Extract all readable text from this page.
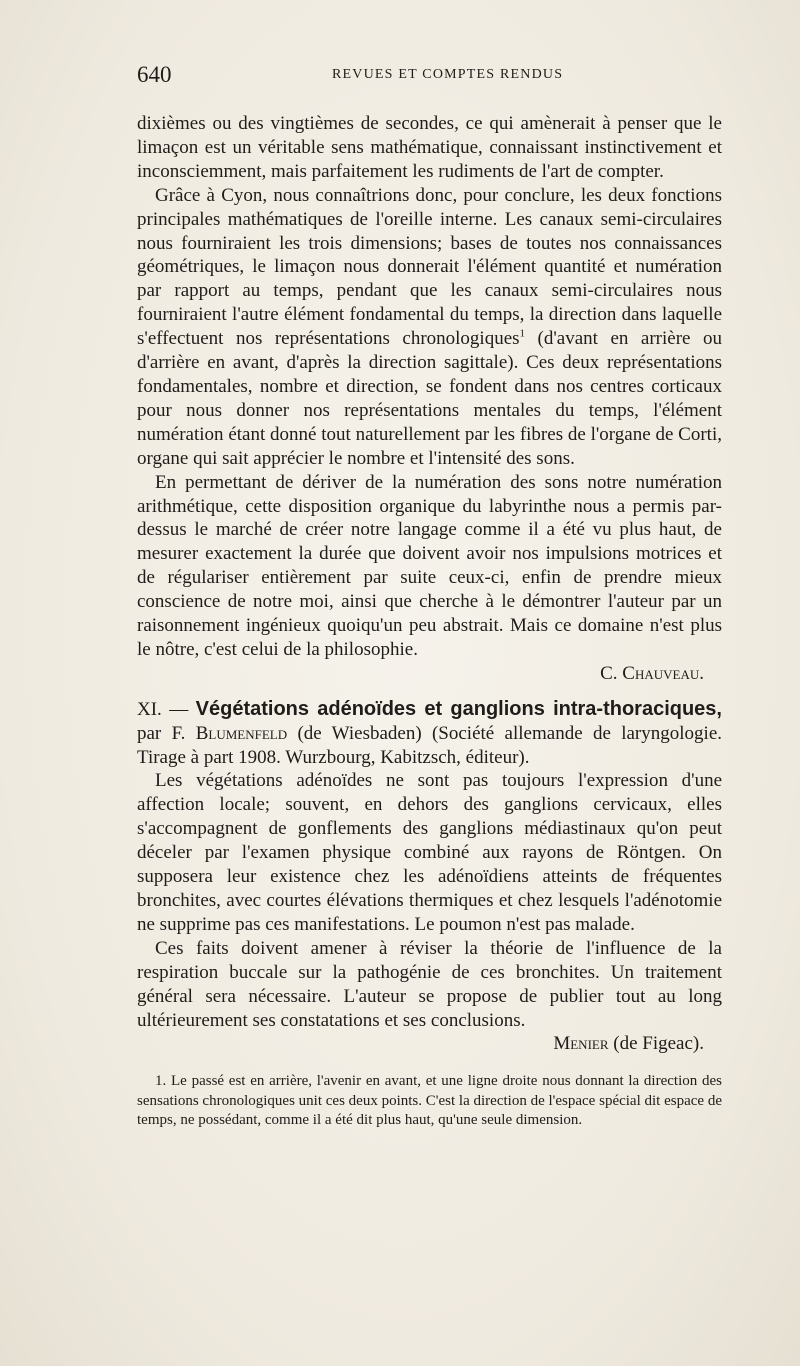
640	REVUES ET COMPTES RENDUS

dixièmes ou des vingtièmes de secondes, ce qui amènerait à penser que le limaçon est un véritable sens mathématique, connaissant instinctivement et inconsciemment, mais parfaitement les rudiments de l'art de compter.

Grâce à Cyon, nous connaîtrions donc, pour conclure, les deux fonctions principales mathématiques de l'oreille interne. Les canaux semi-circulaires nous fourniraient les trois dimensions; bases de toutes nos connaissances géométriques, le limaçon nous donnerait l'élément quantité et numération par rapport au temps, pendant que les canaux semi-circulaires nous fourniraient l'autre élément fondamental du temps, la direction dans laquelle s'effectuent nos représentations chronologiques$^1$ (d'avant en arrière ou d'arrière en avant, d'après la direction sagittale). Ces deux représentations fondamentales, nombre et direction, se fondent dans nos centres corticaux pour nous donner nos représentations mentales du temps, l'élément numération étant donné tout naturellement par les fibres de l'organe de Corti, organe qui sait apprécier le nombre et l'intensité des sons.

En permettant de dériver de la numération des sons notre numération arithmétique, cette disposition organique du labyrinthe nous a permis par-dessus le marché de créer notre langage comme il a été vu plus haut, de mesurer exactement la durée que doivent avoir nos impulsions motrices et de régulariser entièrement par suite ceux-ci, enfin de prendre mieux conscience de notre moi, ainsi que cherche à le démontrer l'auteur par un raisonnement ingénieux quoiqu'un peu abstrait. Mais ce domaine n'est plus le nôtre, c'est celui de la philosophie.

C. Chauveau.

XI. — Végétations adénoïdes et ganglions intra-thoraciques, par F. Blumenfeld (de Wiesbaden) (Société allemande de laryngologie. Tirage à part 1908. Wurzbourg, Kabitzsch, éditeur).

Les végétations adénoïdes ne sont pas toujours l'expression d'une affection locale; souvent, en dehors des ganglions cervicaux, elles s'accompagnent de gonflements des ganglions médiastinaux qu'on peut déceler par l'examen physique combiné aux rayons de Röntgen. On supposera leur existence chez les adénoïdiens atteints de fréquentes bronchites, avec courtes élévations thermiques et chez lesquels l'adénotomie ne supprime pas ces manifestations. Le poumon n'est pas malade.

Ces faits doivent amener à réviser la théorie de l'influence de la respiration buccale sur la pathogénie de ces bronchites. Un traitement général sera nécessaire. L'auteur se propose de publier tout au long ultérieurement ses constatations et ses conclusions.

Menier (de Figeac).

1. Le passé est en arrière, l'avenir en avant, et une ligne droite nous donnant la direction des sensations chronologiques unit ces deux points. C'est la direction de l'espace spécial dit espace de temps, ne possédant, comme il a été dit plus haut, qu'une seule dimension.
